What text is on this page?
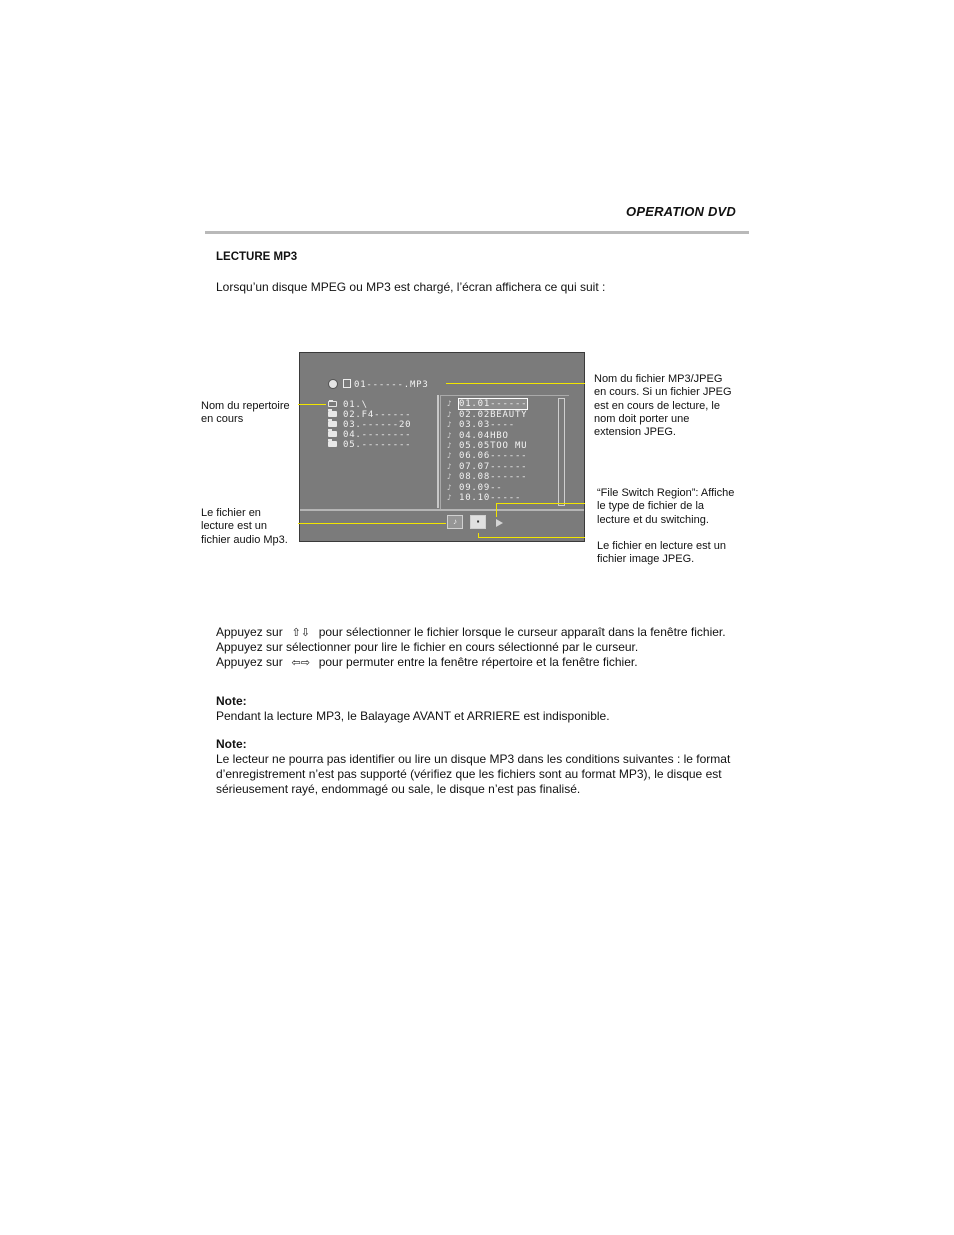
OPERATION DVD
LECTURE MP3
Lorsqu’un disque MPEG ou MP3 est chargé, l’écran affichera ce qui suit :
01------.MP3
01.\
02.F4------
03.------20
04.--------
05.--------
♪ 01.01------
♪ 02.02BEAUTY
♪ 03.03----
♪ 04.04HBO
♪ 05.05TOO MU
♪ 06.06------
♪ 07.07------
♪ 08.08------
♪ 09.09--
♪ 10.10-----
♪	▪
Nom du repertoire
en cours
Nom du fichier MP3/JPEG
en cours. Si un fichier JPEG
est en cours de lecture, le
nom doit porter une
extension JPEG.
Le fichier en
lecture est un
fichier audio Mp3.
“File Switch Region”: Affiche
le type de fichier de la
lecture et du switching.
Le fichier en lecture est un
fichier image JPEG.
Appuyez sur ⇧⇩ pour sélectionner le fichier lorsque le curseur apparaît dans la fenêtre fichier.
Appuyez sur sélectionner pour lire le fichier en cours sélectionné par le curseur.
Appuyez sur ⇦⇨ pour permuter entre la fenêtre répertoire et la fenêtre fichier.
Note:
Pendant la lecture MP3, le Balayage AVANT et ARRIERE est indisponible.
Note:
Le lecteur ne pourra pas identifier ou lire un disque MP3 dans les conditions suivantes : le format d’enregistrement n’est pas supporté (vérifiez que les fichiers sont au format MP3), le disque est sérieusement rayé, endommagé ou sale, le disque n’est pas finalisé.
